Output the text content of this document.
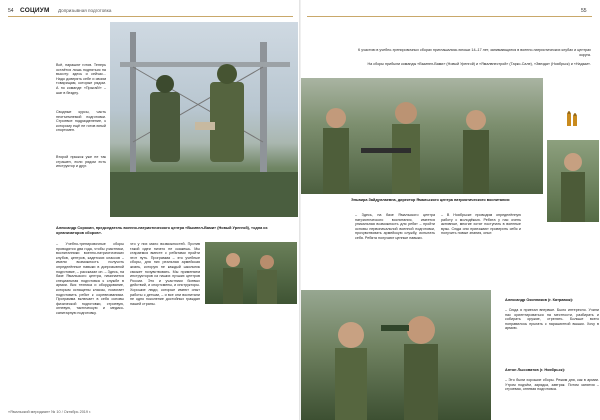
54 СОЦИУМ Допризывная подготовка
Всё, парашют готов. Теперь остаётся лишь подняться на высоту: здесь и сейчас... Надо доверять себе и своим товарищам, которые рядом. А по команде «Прыгай!» – шаг в бездну.
Сводные курсы, часть неотъемлемой подготовки. Строевое подразделение, к которому ещё не готов юный спортсмен.
Второй прыжок уже не так страшен, если рядом есть инструктор и друг.
Александр Сорокин, председатель военно-патриотического центра «Вымпел-Вами» (Новый Уренгой), «одна из организаторов сборов».
– Учебно-тренировочные сборы проводятся два года, чтобы участники, воспитанники военно-патриотических клубов, центров, кадетских классов – имели возможность получить определённые навыки в допризывной подготовке, – рассказал он. – Здесь, на базе Ямальского центра, начинается специальная подготовка к службе в армии. Вся техника и оборудование, которым оснащены классы, помогает подготовить ребят к соревнованиям. Программа включает в себя основы физической подготовки, строевую, огневую, тактическую и медико-санитарную подготовку.
что у них мало возможностей. Против такой идеи ничего не скажешь. Мы стараемся вместе с ребятами пройти этот путь. Программа – это учебные сборы, для них реальная армейская жизнь, которую не каждый школьник сможет почувствовать. Мы применяем инструкторов из наших лучших центров России. Это и участники боевых действий, и спортсмены, и инструкторы. Хорошие люди, которые имеют опыт работы с детьми, – и все они воспитали не одно поколение достойных граждан нашей страны.
«Ямальский меридиан» № 10 / Октябрь 2019 г.
55
К участию в учебно-тренировочных сборах приглашались юноши 14–17 лет, занимающиеся в военно-патриотических клубах и центрах округа.
На сборы прибыли команды «Вымпел-Вами» (Новый Уренгой) и «Ямалвнестрой» (Тарко-Сале), «Звезда» (Ноябрьск) и «Надым».
Эльвира Зайдуллаевна, директор Ямальского центра патриотического воспитания:
– Здесь, на базе Ямальского центра патриотического воспитания, имеется уникальная возможность для ребят – пройти основы первоначальной военной подготовки, прочувствовать армейскую службу, испытать себя. Ребята получают ценные навыки.
– В Ноябрьске проводим определённую работу с молодёжью. Ребята у нас очень активные, многие хотят поступать в военные вузы. Сюда они приезжают проверить себя и получить новые знания, опыт.
Александр Окопников (г. Катравож):
– Сюда я приехал впервые. Было интересно. Учили нас ориентироваться на местности, разбирать и собирать оружие, стрелять. Больше всего понравилось прыгать с парашютной вышки. Хочу в армию.
Антон Лысоватов (г. Ноябрьск):
– Это были хорошие сборы. Режим дня, как в армии. Утром подъём, зарядка, завтрак. Потом занятия – строевая, огневая подготовка.
